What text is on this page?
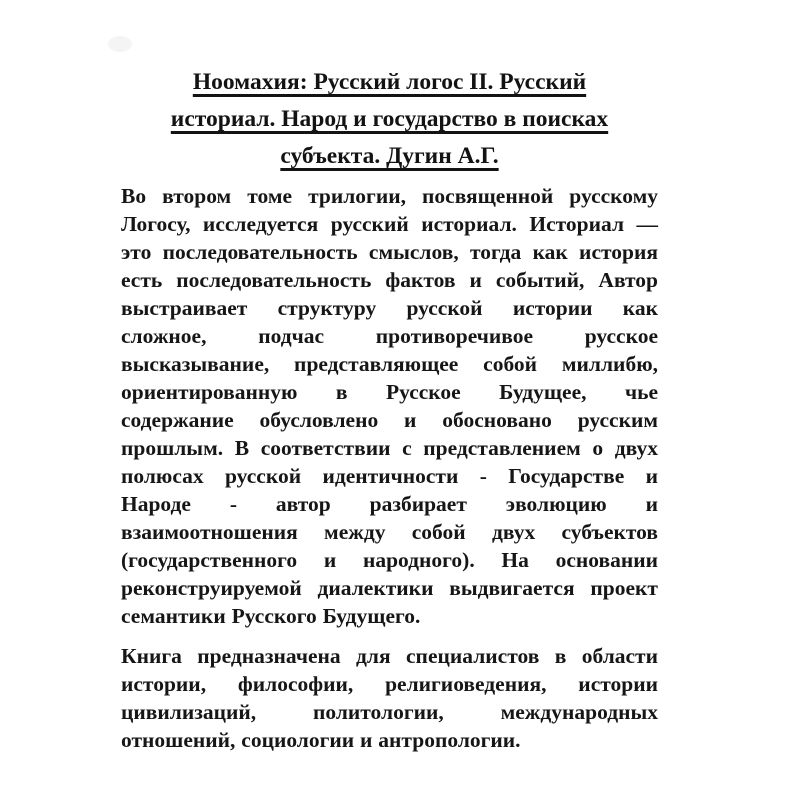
Ноомахия: Русский логос II. Русский
историал. Народ и государство в поисках
субъекта. Дугин А.Г.
Во втором томе трилогии, посвященной русскому
Логосу, исследуется русский историал. Историал —
это последовательность смыслов, тогда как история
есть последовательность фактов и событий, Автор
выстраивает структуру русской истории как
сложное, подчас противоречивое русское
высказывание, представляющее собой миллибю,
ориентированную в Русское Будущее, чье
содержание обусловлено и обосновано русским
прошлым. В соответствии с представлением о двух
полюсах русской идентичности - Государстве и
Народе - автор разбирает эволюцию и
взаимоотношения между собой двух субъектов
(государственного и народного). На основании
реконструируемой диалектики выдвигается проект
семантики Русского Будущего.
Книга предназначена для специалистов в области
истории, философии, религиоведения, истории
цивилизаций, политологии, международных
отношений, социологии и антропологии.
